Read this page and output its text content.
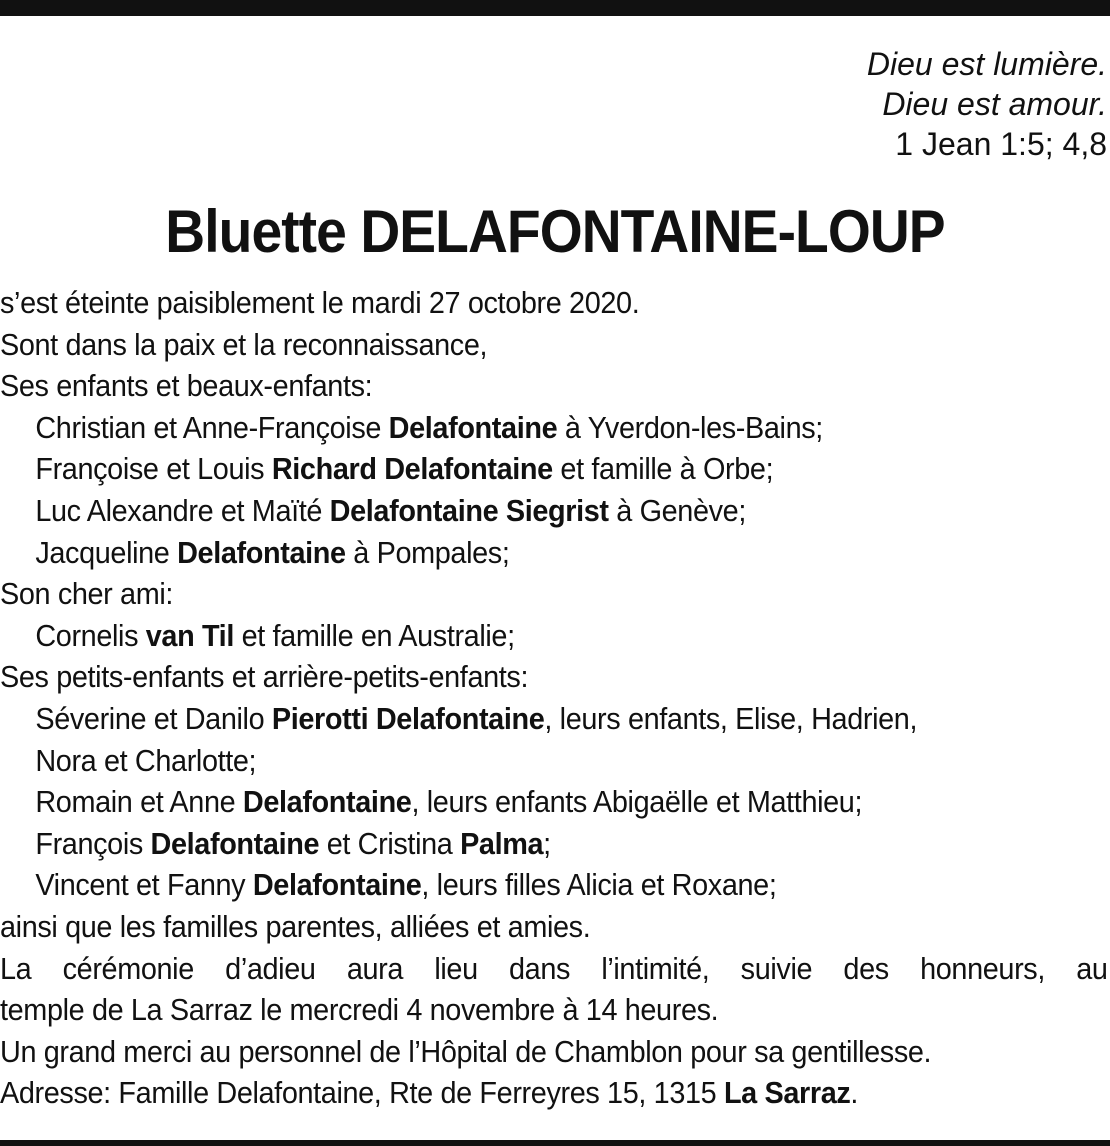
Dieu est lumière.
Dieu est amour.
1 Jean 1:5; 4,8
Bluette DELAFONTAINE-LOUP
s’est éteinte paisiblement le mardi 27 octobre 2020.
Sont dans la paix et la reconnaissance,
Ses enfants et beaux-enfants:
Christian et Anne-Françoise Delafontaine à Yverdon-les-Bains;
Françoise et Louis Richard Delafontaine et famille à Orbe;
Luc Alexandre et Maïté Delafontaine Siegrist à Genève;
Jacqueline Delafontaine à Pompales;
Son cher ami:
Cornelis van Til et famille en Australie;
Ses petits-enfants et arrière-petits-enfants:
Séverine et Danilo Pierotti Delafontaine, leurs enfants, Elise, Hadrien,
Nora et Charlotte;
Romain et Anne Delafontaine, leurs enfants Abigaëlle et Matthieu;
François Delafontaine et Cristina Palma;
Vincent et Fanny Delafontaine, leurs filles Alicia et Roxane;
ainsi que les familles parentes, alliées et amies.
La cérémonie d’adieu aura lieu dans l’intimité, suivie des honneurs, au
temple de La Sarraz le mercredi 4 novembre à 14 heures.
Un grand merci au personnel de l’Hôpital de Chamblon pour sa gentillesse.
Adresse: Famille Delafontaine, Rte de Ferreyres 15, 1315 La Sarraz.
